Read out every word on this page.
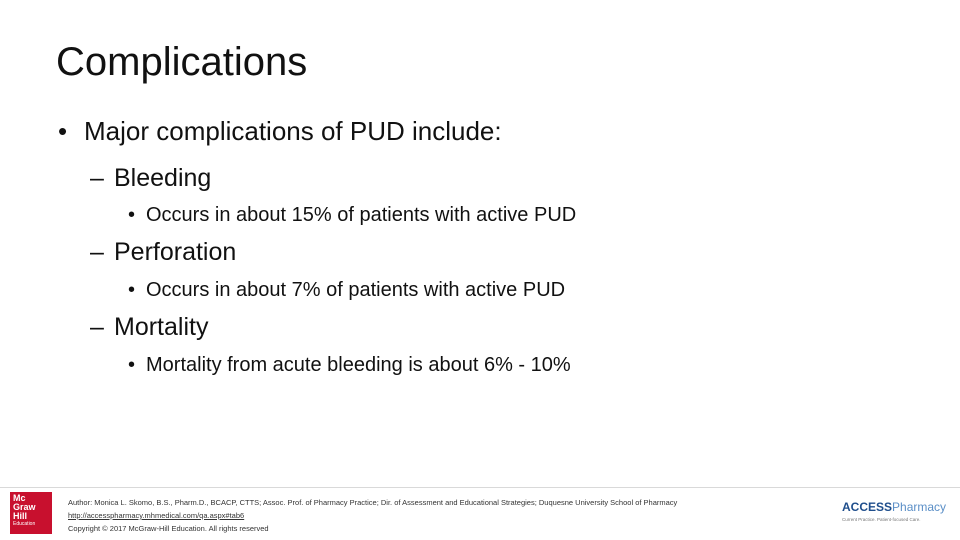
Complications
• Major complications of PUD include:
– Bleeding
• Occurs in about 15% of patients with active PUD
– Perforation
• Occurs in about 7% of patients with active PUD
– Mortality
• Mortality from acute bleeding is about 6% - 10%
Mc
Graw
Hill
Education
Author: Monica L. Skomo, B.S., Pharm.D., BCACP, CTTS; Assoc. Prof. of Pharmacy Practice; Dir. of Assessment and Educational Strategies; Duquesne University School of Pharmacy
http://accesspharmacy.mhmedical.com/qa.aspx#tab6
Copyright © 2017 McGraw-Hill Education. All rights reserved
ACCESSPharmacy
Current Practice. Patient-focused Care.
